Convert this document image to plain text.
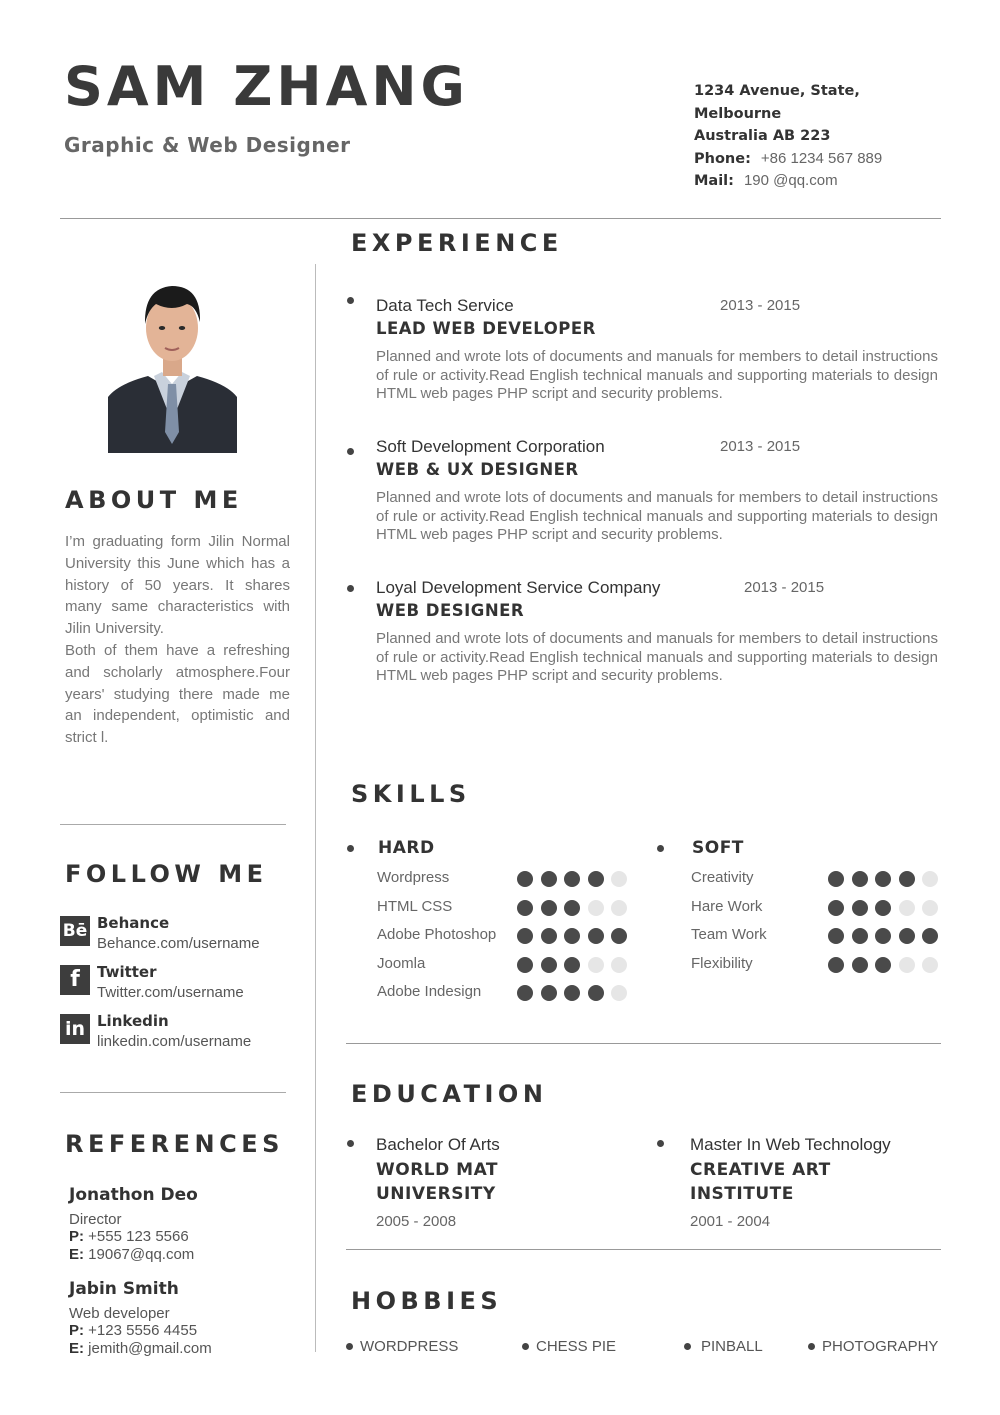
SAM ZHANG
Graphic & Web Designer
1234 Avenue, State,
Melbourne
Australia AB 223
Phone: +86 1234 567 889
Mail: 190 @qq.com
ABOUT ME
I’m graduating form Jilin Normal University this June which has a history of 50 years. It shares many same characteristics with Jilin University.
Both of them have a refreshing and scholarly atmosphere.Four years' studying there made me an independent, optimistic and strict l.
FOLLOW ME
Bē Behance
Behance.com/username
f	Twitter
Twitter.com/username
in Linkedin
linkedin.com/username
REFERENCES
Jonathon Deo
Director
P: +555 123 5566
E: 19067@qq.com
Jabin Smith
Web developer
P: +123 5556 4455
E: jemith@gmail.com
EXPERIENCE
Data Tech Service	2013 - 2015
LEAD WEB DEVELOPER
Planned and wrote lots of documents and manuals for members to detail instructions of rule or activity.Read English technical manuals and supporting materials to design HTML web pages PHP script and security problems.
Soft Development Corporation	2013 - 2015
WEB & UX DESIGNER
Planned and wrote lots of documents and manuals for members to detail instructions of rule or activity.Read English technical manuals and supporting materials to design HTML web pages PHP script and security problems.
Loyal Development Service Company	2013 - 2015
WEB DESIGNER
Planned and wrote lots of documents and manuals for members to detail instructions of rule or activity.Read English technical manuals and supporting materials to design HTML web pages PHP script and security problems.
SKILLS
HARD	SOFT
Wordpress
HTML CSS
Adobe Photoshop
Joomla
Adobe Indesign
Creativity
Hare Work
Team Work
Flexibility
EDUCATION
Bachelor Of Arts
WORLD MAT
UNIVERSITY
2005 - 2008
Master In Web Technology
CREATIVE ART
INSTITUTE
2001 - 2004
HOBBIES
WORDPRESS	CHESS PIE	PINBALL	PHOTOGRAPHY
